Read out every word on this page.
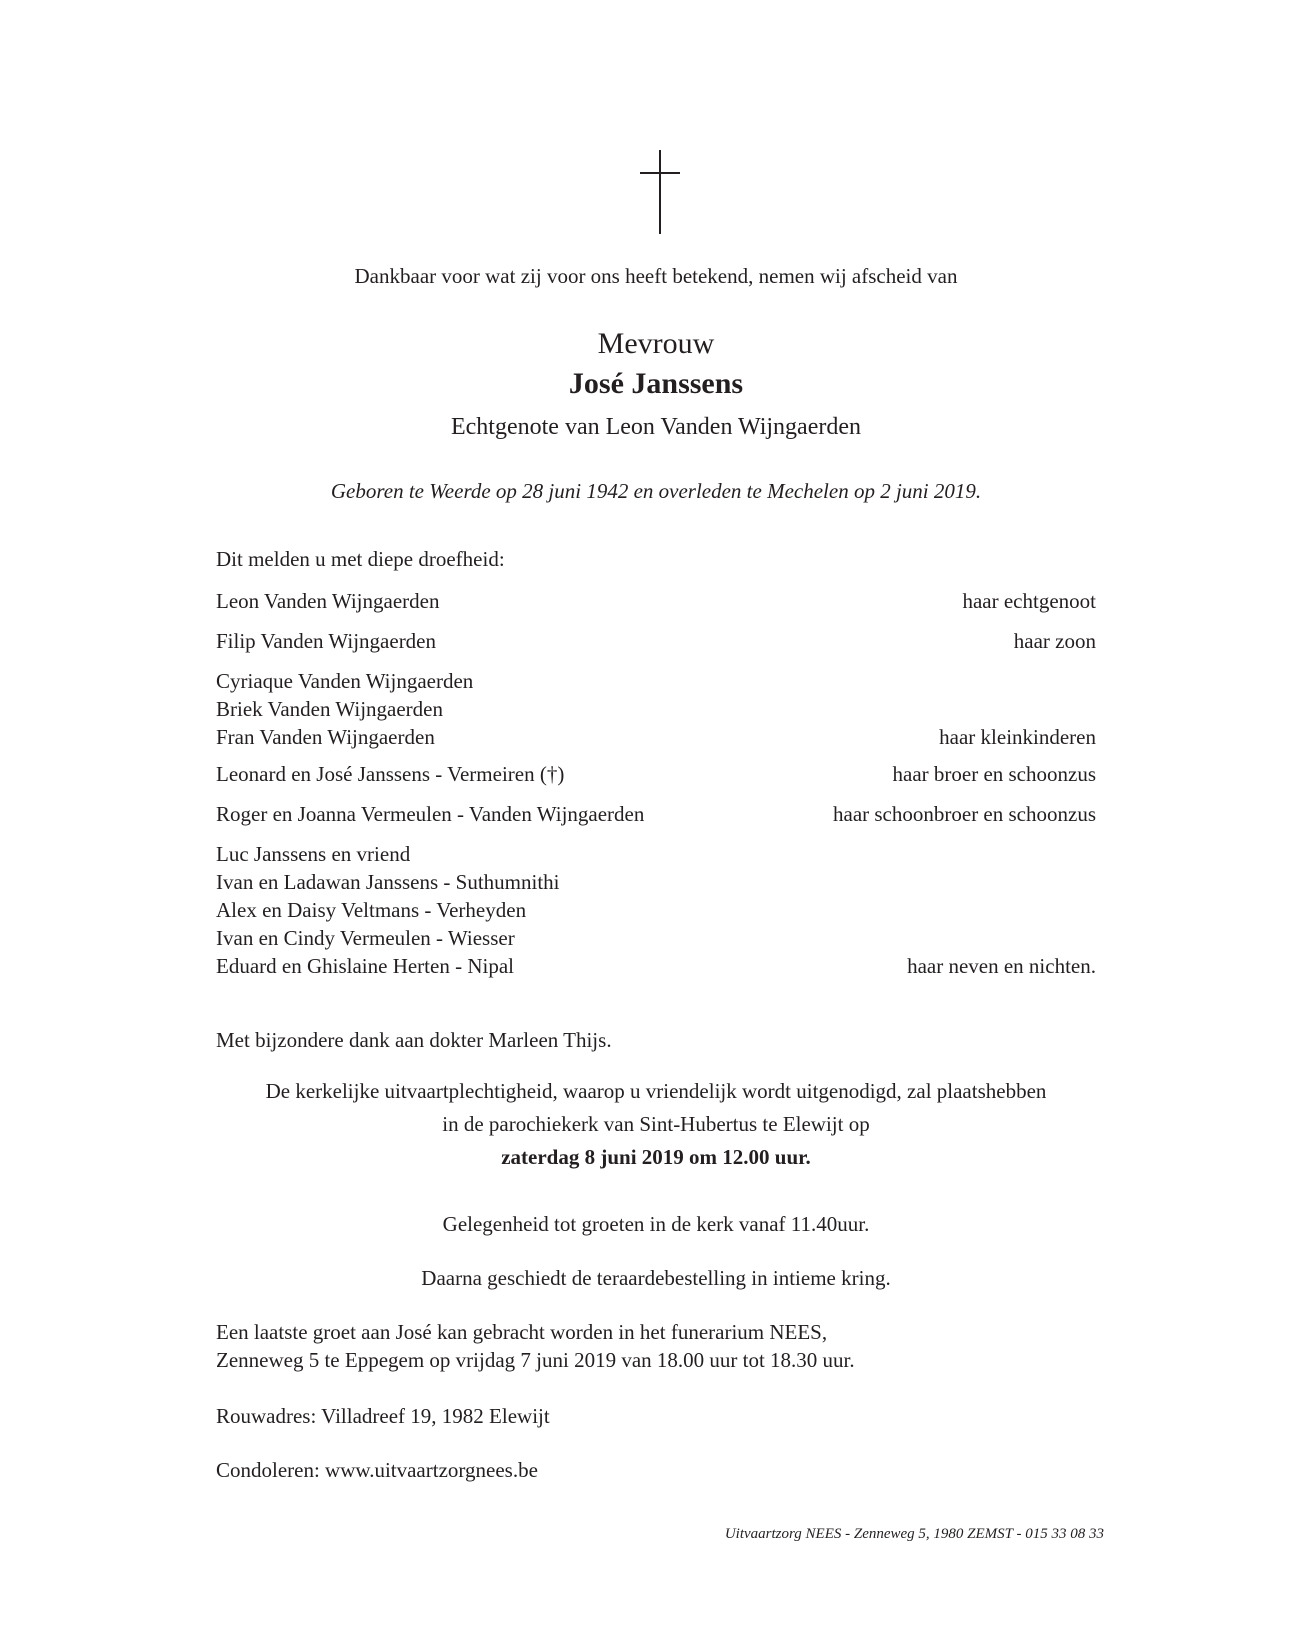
Dankbaar voor wat zij voor ons heeft betekend, nemen wij afscheid van
Mevrouw
José Janssens
Echtgenote van Leon Vanden Wijngaerden
Geboren te Weerde op 28 juni 1942 en overleden te Mechelen op 2 juni 2019.
Dit melden u met diepe droefheid:
Leon Vanden Wijngaerden	haar echtgenoot
Filip Vanden Wijngaerden	haar zoon
Cyriaque Vanden Wijngaerden
Briek Vanden Wijngaerden
Fran Vanden Wijngaerden	haar kleinkinderen
Leonard en José Janssens - Vermeiren (†)	haar broer en schoonzus
Roger en Joanna Vermeulen - Vanden Wijngaerden	haar schoonbroer en schoonzus
Luc Janssens en vriend
Ivan en Ladawan Janssens - Suthumnithi
Alex en Daisy Veltmans - Verheyden
Ivan en Cindy Vermeulen - Wiesser
Eduard en Ghislaine Herten - Nipal	haar neven en nichten.
Met bijzondere dank aan dokter Marleen Thijs.
De kerkelijke uitvaartplechtigheid, waarop u vriendelijk wordt uitgenodigd, zal plaatshebben
in de parochiekerk van Sint-Hubertus te Elewijt op
zaterdag 8 juni 2019 om 12.00 uur.
Gelegenheid tot groeten in de kerk vanaf 11.40uur.
Daarna geschiedt de teraardebestelling in intieme kring.
Een laatste groet aan José kan gebracht worden in het funerarium NEES,
Zenneweg 5 te Eppegem op vrijdag 7 juni 2019 van 18.00 uur tot 18.30 uur.
Rouwadres: Villadreef 19, 1982 Elewijt
Condoleren: www.uitvaartzorgnees.be
Uitvaartzorg NEES - Zenneweg 5, 1980 ZEMST - 015 33 08 33
